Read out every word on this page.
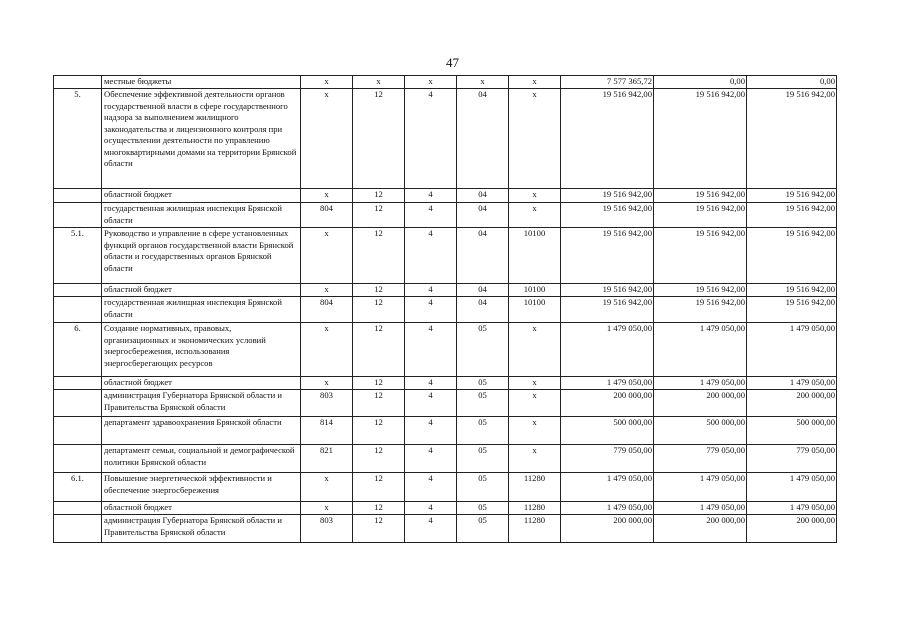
47
	местные бюджеты	x	x	x	x	x	7 577 365,72	0,00	0,00
5.	Обеспечение эффективной деятельности органов государственной власти в сфере государственного надзора за выполнением жилищного законодательства и лицензионного контроля при осуществлении деятельности по управлению многоквартирными домами на территории Брянской области	x	12	4	04	x	19 516 942,00	19 516 942,00	19 516 942,00
	областной бюджет	x	12	4	04	x	19 516 942,00	19 516 942,00	19 516 942,00
	государственная жилищная инспекция Брянской области	804	12	4	04	x	19 516 942,00	19 516 942,00	19 516 942,00
5.1.	Руководство и управление в сфере установленных функций органов государственной власти Брянской области и государственных органов Брянской области	x	12	4	04	10100	19 516 942,00	19 516 942,00	19 516 942,00
	областной бюджет	x	12	4	04	10100	19 516 942,00	19 516 942,00	19 516 942,00
	государственная жилищная инспекция Брянской области	804	12	4	04	10100	19 516 942,00	19 516 942,00	19 516 942,00
6.	Создание нормативных, правовых, организационных и экономических условий энергосбережения, использования энергосберегающих ресурсов	x	12	4	05	x	1 479 050,00	1 479 050,00	1 479 050,00
	областной бюджет	x	12	4	05	x	1 479 050,00	1 479 050,00	1 479 050,00
	администрация Губернатора Брянской области и Правительства Брянской области	803	12	4	05	x	200 000,00	200 000,00	200 000,00
	департамент здравоохранения Брянской области	814	12	4	05	x	500 000,00	500 000,00	500 000,00
	департамент семьи, социальной и демографической политики Брянской области	821	12	4	05	x	779 050,00	779 050,00	779 050,00
6.1.	Повышение энергетической эффективности и обеспечение энергосбережения	x	12	4	05	11280	1 479 050,00	1 479 050,00	1 479 050,00
	областной бюджет	x	12	4	05	11280	1 479 050,00	1 479 050,00	1 479 050,00
	администрация Губернатора Брянской области и Правительства Брянской области	803	12	4	05	11280	200 000,00	200 000,00	200 000,00
